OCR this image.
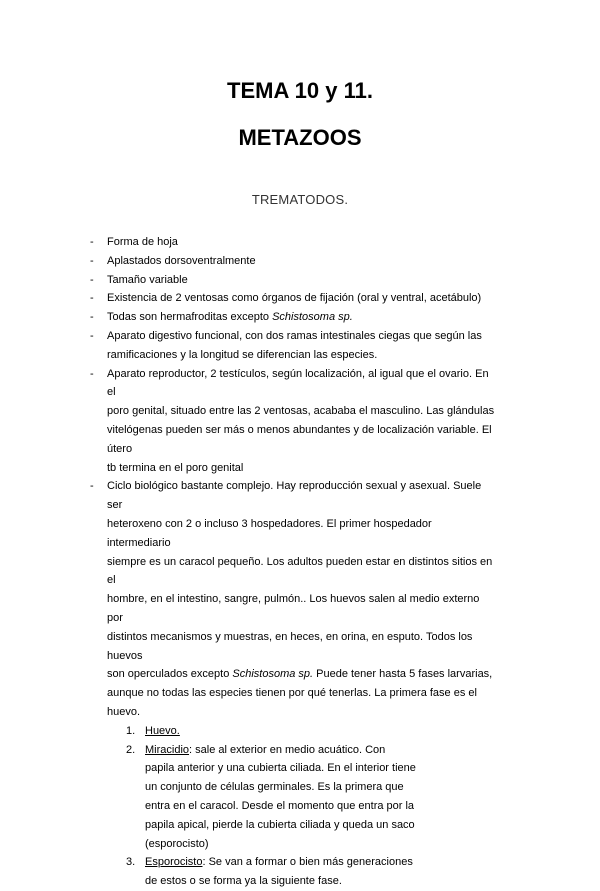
TEMA 10 y 11.
METAZOOS
TREMATODOS.
- Forma de hoja
- Aplastados dorsoventralmente
- Tamaño variable
- Existencia de 2 ventosas como órganos de fijación (oral y ventral, acetábulo)
- Todas son hermafroditas excepto Schistosoma sp.
- Aparato digestivo funcional, con dos ramas intestinales ciegas que según las
ramificaciones y la longitud se diferencian las especies.
- Aparato reproductor, 2 testículos, según localización, al igual que el ovario. En el
poro genital, situado entre las 2 ventosas, acababa el masculino. Las glándulas
vitelógenas pueden ser más o menos abundantes y de localización variable. El útero
tb termina en el poro genital
- Ciclo biológico bastante complejo. Hay reproducción sexual y asexual. Suele ser
heteroxeno con 2 o incluso 3 hospedadores. El primer hospedador intermediario
siempre es un caracol pequeño. Los adultos pueden estar en distintos sitios en el
hombre, en el intestino, sangre, pulmón.. Los huevos salen al medio externo por
distintos mecanismos y muestras, en heces, en orina, en esputo. Todos los huevos
son operculados excepto Schistosoma sp. Puede tener hasta 5 fases larvarias,
aunque no todas las especies tienen por qué tenerlas. La primera fase es el huevo.
1. Huevo.
2. Miracidio: sale al exterior en medio acuático. Con
papila anterior y una cubierta ciliada. En el interior tiene
un conjunto de células germinales. Es la primera que
entra en el caracol. Desde el momento que entra por la
papila apical, pierde la cubierta ciliada y queda un saco
(esporocisto)
3. Esporocisto: Se van a formar o bien más generaciones
de estos o se forma ya la siguiente fase.
